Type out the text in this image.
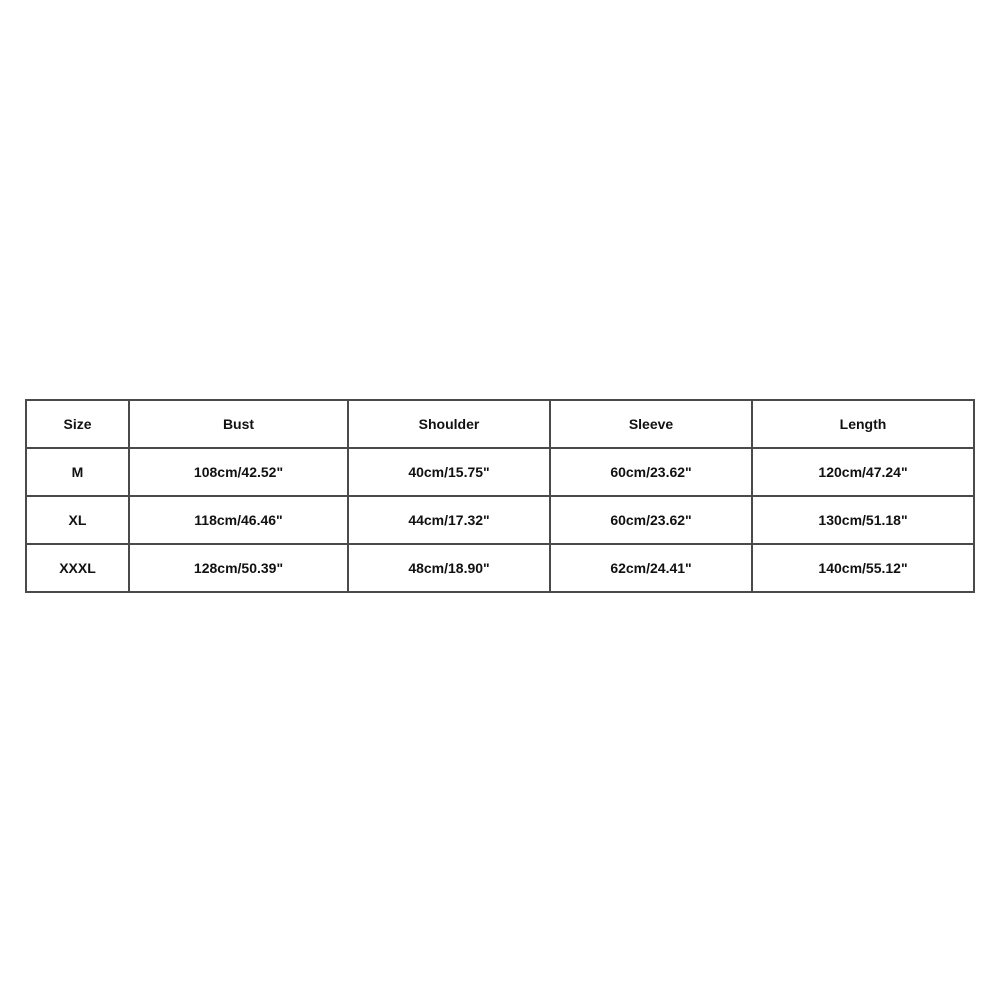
Size	Bust	Shoulder	Sleeve	Length
M	108cm/42.52"	40cm/15.75"	60cm/23.62"	120cm/47.24"
XL	118cm/46.46"	44cm/17.32"	60cm/23.62"	130cm/51.18"
XXXL	128cm/50.39"	48cm/18.90"	62cm/24.41"	140cm/55.12"
